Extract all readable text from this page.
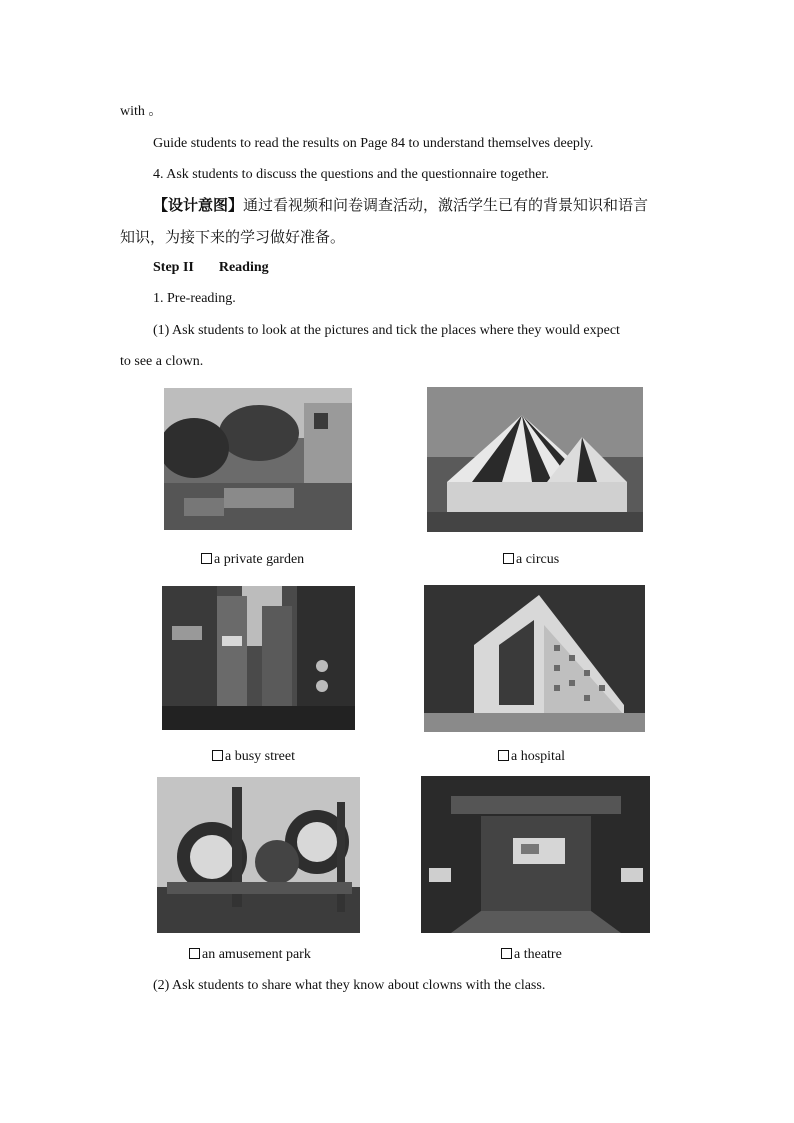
with 。
Guide students to read the results on Page 84 to understand themselves deeply.
4. Ask students to discuss the questions and the questionnaire together.
【设计意图】通过看视频和问卷调查活动，激活学生已有的背景知识和语言
知识，为接下来的学习做好准备。
Step II Reading
1. Pre-reading.
(1) Ask students to look at the pictures and tick the places where they would expect
to see a clown.
a private garden	a circus
a busy street	a hospital
an amusement park	a theatre
(2) Ask students to share what they know about clowns with the class.
